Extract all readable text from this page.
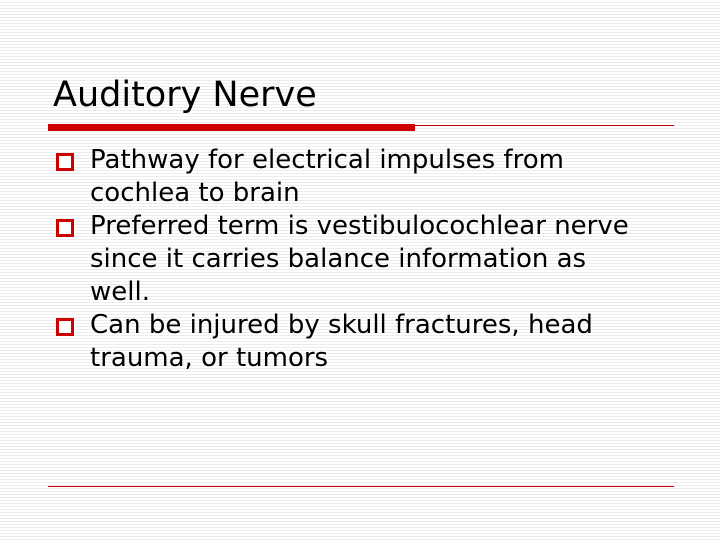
Auditory Nerve
Pathway for electrical impulses from cochlea to brain
Preferred term is vestibulocochlear nerve since it carries balance information as well.
Can be injured by skull fractures, head trauma, or tumors
